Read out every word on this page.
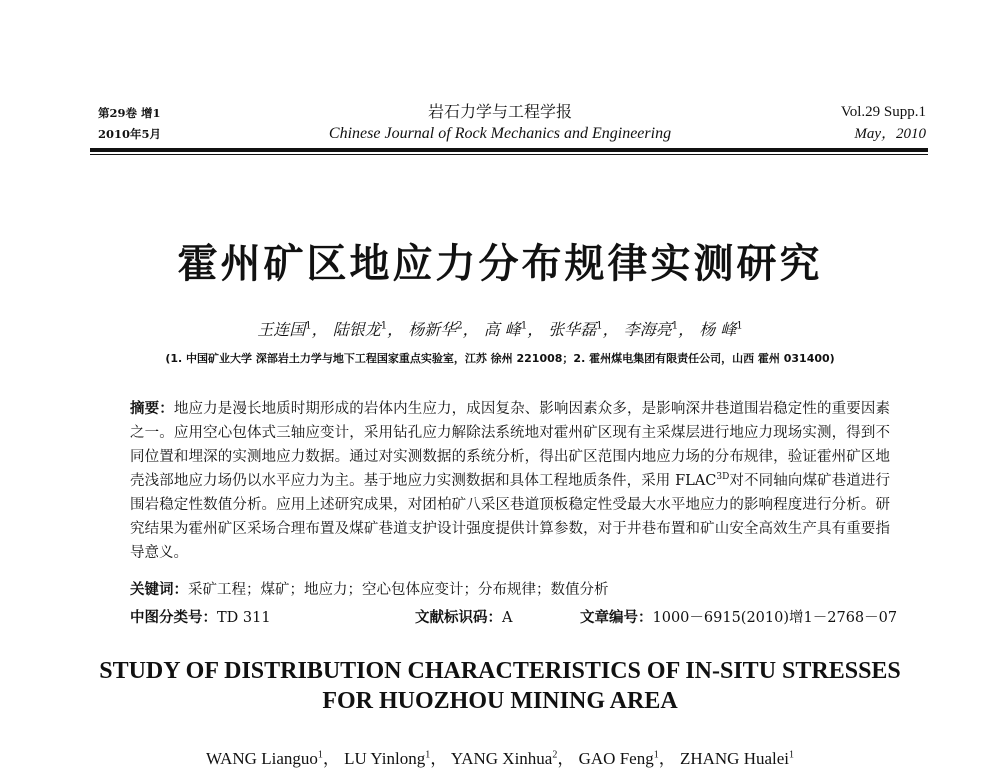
第29卷 增1
2010年5月
岩石力学与工程学报
Chinese Journal of Rock Mechanics and Engineering
Vol.29 Supp.1
May，2010
霍州矿区地应力分布规律实测研究
王连国$^1$， 陆银龙$^1$， 杨新华$^2$， 高 峰$^1$， 张华磊$^1$， 李海亮$^1$， 杨 峰$^1$
(1. 中国矿业大学 深部岩土力学与地下工程国家重点实验室，江苏 徐州 221008；2. 霍州煤电集团有限责任公司，山西 霍州 031400)
摘要：地应力是漫长地质时期形成的岩体内生应力，成因复杂、影响因素众多，是影响深井巷道围岩稳定性的重要因素之一。应用空心包体式三轴应变计，采用钻孔应力解除法系统地对霍州矿区现有主采煤层进行地应力现场实测，得到不同位置和埋深的实测地应力数据。通过对实测数据的系统分析，得出矿区范围内地应力场的分布规律，验证霍州矿区地壳浅部地应力场仍以水平应力为主。基于地应力实测数据和具体工程地质条件，采用 $FLAC^{3D}$对不同轴向煤矿巷道进行围岩稳定性数值分析。应用上述研究成果，对团柏矿八采区巷道顶板稳定性受最大水平地应力的影响程度进行分析。研究结果为霍州矿区采场合理布置及煤矿巷道支护设计强度提供计算参数，对于井巷布置和矿山安全高效生产具有重要指导意义。
关键词：采矿工程；煤矿；地应力；空心包体应变计；分布规律；数值分析
中图分类号：TD 311	文献标识码：A	文章编号：1000－6915(2010)增1－2768－07
STUDY OF DISTRIBUTION CHARACTERISTICS OF IN-SITU STRESSES
FOR HUOZHOU MINING AREA
WANG Lianguo$^1$， LU Yinlong$^1$， YANG Xinhua$^2$， GAO Feng$^1$， ZHANG Hualei$^1$
